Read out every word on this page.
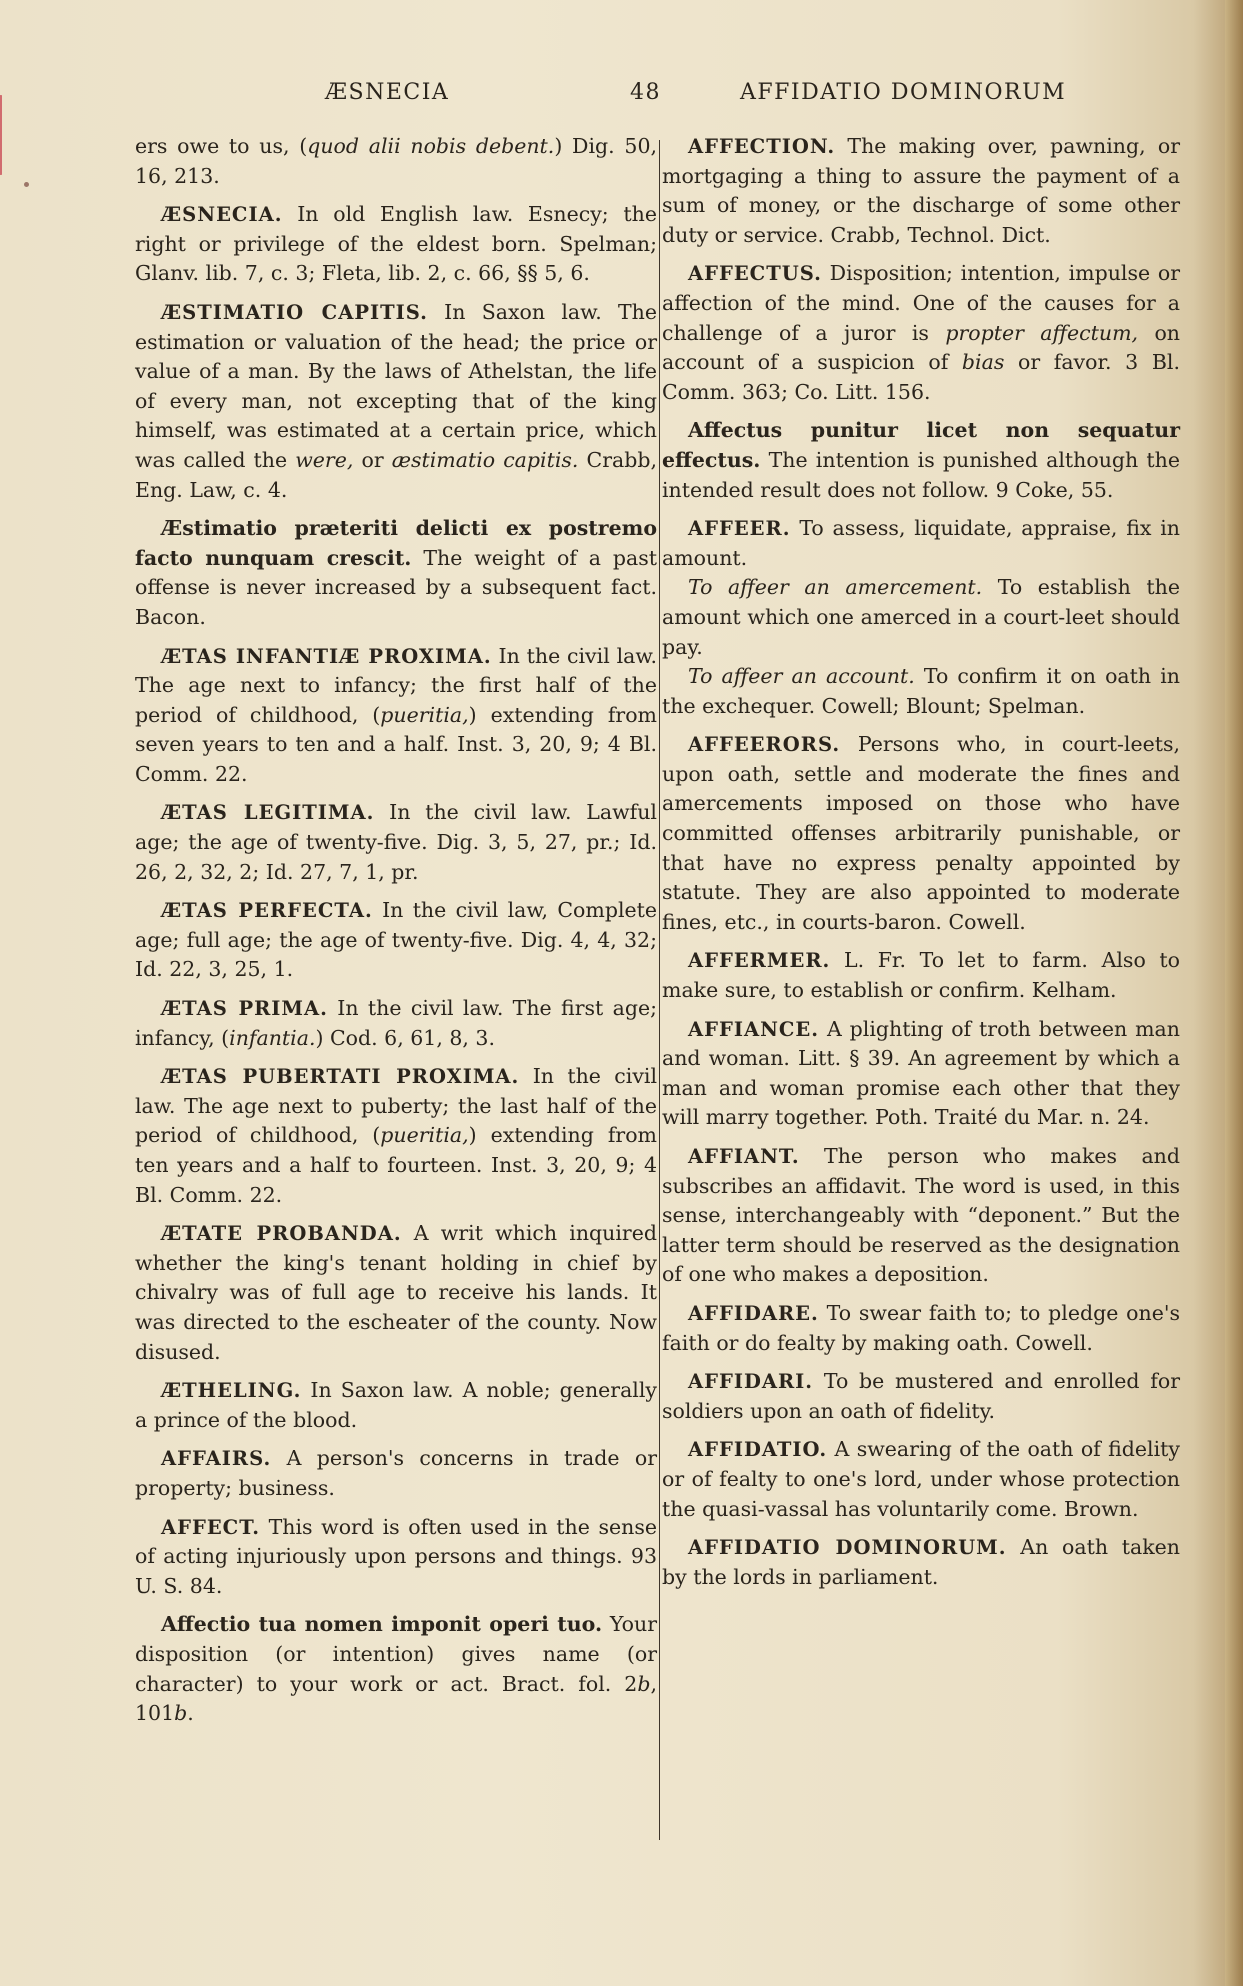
ÆSNECIA	48	AFFIDATIO DOMINORUM

ers owe to us, (quod alii nobis debent.) Dig. 50, 16, 213.

ÆSNECIA. In old English law. Esnecy; the right or privilege of the eldest born. Spelman; Glanv. lib. 7, c. 3; Fleta, lib. 2, c. 66, §§ 5, 6.

ÆSTIMATIO CAPITIS. In Saxon law. The estimation or valuation of the head; the price or value of a man. By the laws of Athelstan, the life of every man, not excepting that of the king himself, was estimated at a certain price, which was called the were, or æstimatio capitis. Crabb, Eng. Law, c. 4.

Æstimatio præteriti delicti ex postremo facto nunquam crescit. The weight of a past offense is never increased by a subsequent fact. Bacon.

ÆTAS INFANTIÆ PROXIMA. In the civil law. The age next to infancy; the first half of the period of childhood, (pueritia,) extending from seven years to ten and a half. Inst. 3, 20, 9; 4 Bl. Comm. 22.

ÆTAS LEGITIMA. In the civil law. Lawful age; the age of twenty-five. Dig. 3, 5, 27, pr.; Id. 26, 2, 32, 2; Id. 27, 7, 1, pr.

ÆTAS PERFECTA. In the civil law, Complete age; full age; the age of twenty-five. Dig. 4, 4, 32; Id. 22, 3, 25, 1.

ÆTAS PRIMA. In the civil law. The first age; infancy, (infantia.) Cod. 6, 61, 8, 3.

ÆTAS PUBERTATI PROXIMA. In the civil law. The age next to puberty; the last half of the period of childhood, (pueritia,) extending from ten years and a half to fourteen. Inst. 3, 20, 9; 4 Bl. Comm. 22.

ÆTATE PROBANDA. A writ which inquired whether the king's tenant holding in chief by chivalry was of full age to receive his lands. It was directed to the escheater of the county. Now disused.

ÆTHELING. In Saxon law. A noble; generally a prince of the blood.

AFFAIRS. A person's concerns in trade or property; business.

AFFECT. This word is often used in the sense of acting injuriously upon persons and things. 93 U. S. 84.

Affectio tua nomen imponit operi tuo. Your disposition (or intention) gives name (or character) to your work or act. Bract. fol. 2b, 101b.

AFFECTION. The making over, pawning, or mortgaging a thing to assure the payment of a sum of money, or the discharge of some other duty or service. Crabb, Technol. Dict.

AFFECTUS. Disposition; intention, impulse or affection of the mind. One of the causes for a challenge of a juror is propter affectum, on account of a suspicion of bias or favor. 3 Bl. Comm. 363; Co. Litt. 156.

Affectus punitur licet non sequatur effectus. The intention is punished although the intended result does not follow. 9 Coke, 55.

AFFEER. To assess, liquidate, appraise, fix in amount.

To affeer an amercement. To establish the amount which one amerced in a court-leet should pay.

To affeer an account. To confirm it on oath in the exchequer. Cowell; Blount; Spelman.

AFFEERORS. Persons who, in court-leets, upon oath, settle and moderate the fines and amercements imposed on those who have committed offenses arbitrarily punishable, or that have no express penalty appointed by statute. They are also appointed to moderate fines, etc., in courts-baron. Cowell.

AFFERMER. L. Fr. To let to farm. Also to make sure, to establish or confirm. Kelham.

AFFIANCE. A plighting of troth between man and woman. Litt. § 39. An agreement by which a man and woman promise each other that they will marry together. Poth. Traité du Mar. n. 24.

AFFIANT. The person who makes and subscribes an affidavit. The word is used, in this sense, interchangeably with “deponent.” But the latter term should be reserved as the designation of one who makes a deposition.

AFFIDARE. To swear faith to; to pledge one's faith or do fealty by making oath. Cowell.

AFFIDARI. To be mustered and enrolled for soldiers upon an oath of fidelity.

AFFIDATIO. A swearing of the oath of fidelity or of fealty to one's lord, under whose protection the quasi-vassal has voluntarily come. Brown.

AFFIDATIO DOMINORUM. An oath taken by the lords in parliament.
